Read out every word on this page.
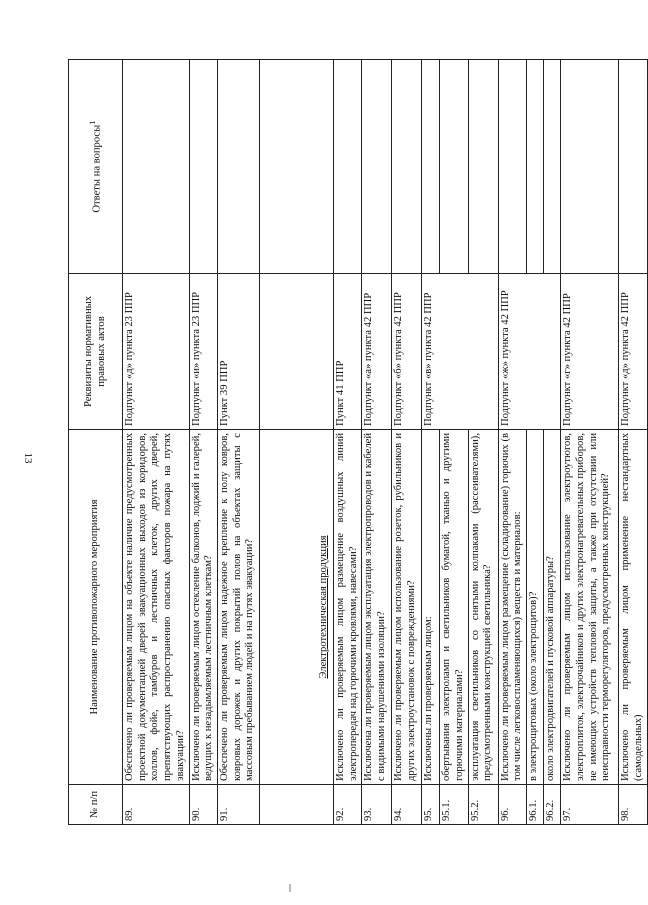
13
№ п/п	Наименование противопожарного мероприятия	Реквизиты нормативных правовых актов	Ответы на вопросы$^1$
89.	Обеспечено ли проверяемым лицом на объекте наличие предусмотренных проектной документацией дверей эвакуационных выходов из коридоров, холлов, фойе, тамбуров и лестничных клеток, других дверей, препятствующих распространению опасных факторов пожара на путях эвакуации?	Подпункт «д» пункта 23 ППР	
90.	Исключено ли проверяемым лицом остекление балконов, лоджий и галерей, ведущих к незадымляемым лестничным клеткам?	Подпункт «и» пункта 23 ППР	
91.	Обеспечено ли проверяемым лицом надежное крепление к полу ковров, ковровых дорожек и других покрытий полов на объектах защиты с массовым пребыванием людей и на путях эвакуации?	Пункт 39 ППР	
	Электротехническая продукция		
92.	Исключено ли проверяемым лицом размещение воздушных линий электропередач над горючими кровлями, навесами?	Пункт 41 ППР	
93.	Исключена ли проверяемым лицом эксплуатация электропроводов и кабелей с видимыми нарушениями изоляции?	Подпункт «а» пункта 42 ППР	
94.	Исключено ли проверяемым лицом использование розеток, рубильников и других электроустановок с повреждениями?	Подпункт «б» пункта 42 ППР	
95.	Исключены ли проверяемым лицом:	Подпункт «в» пункта 42 ППР	
95.1.	обертывания электроламп и светильников бумагой, тканью и другими горючими материалами?		
95.2.	эксплуатация светильников со снятыми колпаками (рассеивателями), предусмотренными конструкцией светильника?		
96.	Исключено ли проверяемым лицом размещение (складирование) горючих (в том числе легковоспламеняющихся) веществ и материалов:	Подпункт «ж» пункта 42 ППР	
96.1.	в электрощитовых (около электрощитов)?		
96.2.	около электродвигателей и пусковой аппаратуры?		
97.	Исключено ли проверяемым лицом использование электроутюгов, электроплиток, электрочайников и других электронагревательных приборов, не имеющих устройств тепловой защиты, а также при отсутствии или неисправности терморегуляторов, предусмотренных конструкцией?	Подпункт «г» пункта 42 ППР	
98.	Исключено ли проверяемым лицом применение нестандартных (самодельных)	Подпункт «д» пункта 42 ППР	
